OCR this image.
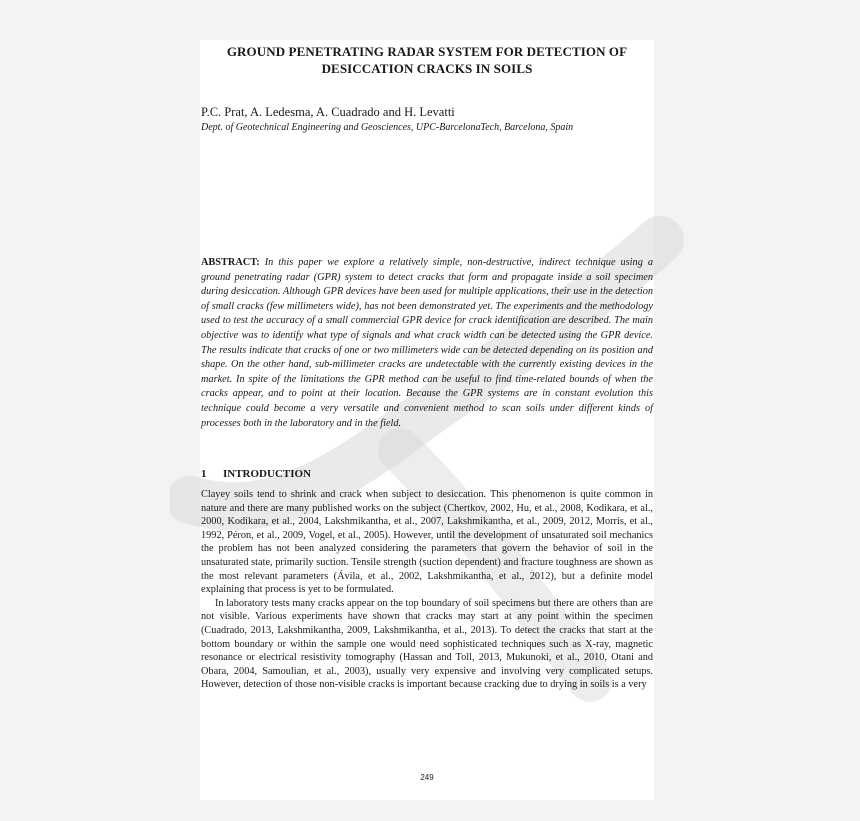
GROUND PENETRATING RADAR SYSTEM FOR DETECTION OF
DESICCATION CRACKS IN SOILS
P.C. Prat, A. Ledesma, A. Cuadrado and H. Levatti
Dept. of Geotechnical Engineering and Geosciences, UPC-BarcelonaTech, Barcelona, Spain

ABSTRACT: In this paper we explore a relatively simple, non-destructive, indirect technique using a ground penetrating radar (GPR) system to detect cracks that form and propagate inside a soil specimen during desiccation. Although GPR devices have been used for multiple applications, their use in the detection of small cracks (few millimeters wide), has not been demonstrated yet. The experiments and the methodology used to test the accuracy of a small commercial GPR device for crack identification are described. The main objective was to identify what type of signals and what crack width can be detected using the GPR device. The results indicate that cracks of one or two millimeters wide can be detected depending on its position and shape. On the other hand, sub-millimeter cracks are undetectable with the currently existing devices in the market. In spite of the limitations the GPR method can be useful to find time-related bounds of when the cracks appear, and to point at their location. Because the GPR systems are in constant evolution this technique could become a very versatile and convenient method to scan soils under different kinds of processes both in the laboratory and in the field.

1 INTRODUCTION

Clayey soils tend to shrink and crack when subject to desiccation. This phenomenon is quite common in nature and there are many published works on the subject (Chertkov, 2002, Hu, et al., 2008, Kodikara, et al., 2000, Kodikara, et al., 2004, Lakshmikantha, et al., 2007, Lakshmikantha, et al., 2009, 2012, Morris, et al., 1992, Péron, et al., 2009, Vogel, et al., 2005). However, until the development of unsaturated soil mechanics the problem has not been analyzed considering the parameters that govern the behavior of soil in the unsaturated state, primarily suction. Tensile strength (suction dependent) and fracture toughness are shown as the most relevant parameters (Ávila, et al., 2002, Lakshmikantha, et al., 2012), but a definite model explaining that process is yet to be formulated.

In laboratory tests many cracks appear on the top boundary of soil specimens but there are others than are not visible. Various experiments have shown that cracks may start at any point within the specimen (Cuadrado, 2013, Lakshmikantha, 2009, Lakshmikantha, et al., 2013). To detect the cracks that start at the bottom boundary or within the sample one would need sophisticated techniques such as X-ray, magnetic resonance or electrical resistivity tomography (Hassan and Toll, 2013, Mukunoki, et al., 2010, Otani and Obara, 2004, Samoulian, et al., 2003), usually very expensive and involving very complicated setups. However, detection of those non-visible cracks is important because cracking due to drying in soils is a very

249
